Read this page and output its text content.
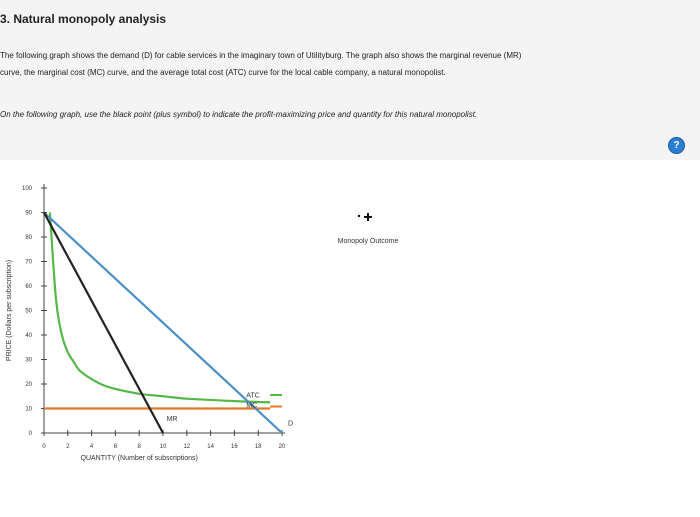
3. Natural monopoly analysis
The following graph shows the demand (D) for cable services in the imaginary town of Utilityburg. The graph also shows the marginal revenue (MR)
curve, the marginal cost (MC) curve, and the average total cost (ATC) curve for the local cable company, a natural monopolist.
On the following graph, use the black point (plus symbol) to indicate the profit-maximizing price and quantity for this natural monopolist.
0
10
20
30
40
50
60
70
80
90
100
0	2	4	6	8	10	12	14	16	18	20
QUANTITY (Number of subscriptions)
PRICE (Dollars per subscription)
ATC
MC
MR
D
Monopoly Outcome
?
